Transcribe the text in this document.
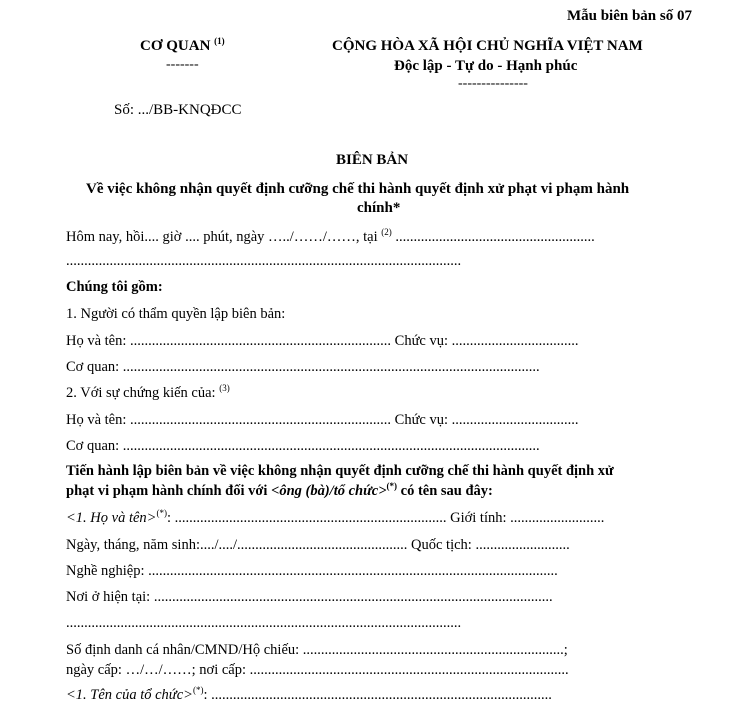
Mẫu biên bản số 07
CƠ QUAN $^{(1)}$
-------
CỘNG HÒA XÃ HỘI CHỦ NGHĨA VIỆT NAM
Độc lập - Tự do - Hạnh phúc
---------------
Số: .../BB-KNQĐCC
BIÊN BẢN
Về việc không nhận quyết định cưỡng chế thi hành quyết định xử phạt vi phạm hành
chính*
Hôm nay, hồi.... giờ .... phút, ngày …../……/……, tại $^{(2)}$ .......................................................
.............................................................................................................
Chúng tôi gồm:
1. Người có thẩm quyền lập biên bản:
Họ và tên: ........................................................................ Chức vụ: ...................................
Cơ quan: ...................................................................................................................
2. Với sự chứng kiến của: $^{(3)}$
Họ và tên: ........................................................................ Chức vụ: ...................................
Cơ quan: ...................................................................................................................
Tiến hành lập biên bản về việc không nhận quyết định cưỡng chế thi hành quyết định xử
phạt vi phạm hành chính đối với <ông (bà)/tổ chức>(*) có tên sau đây:
<1. Họ và tên>(*): ........................................................................... Giới tính: ..........................
Ngày, tháng, năm sinh:..../..../............................................... Quốc tịch: ..........................
Nghề nghiệp: .................................................................................................................
Nơi ở hiện tại: ..............................................................................................................
.............................................................................................................
Số định danh cá nhân/CMND/Hộ chiếu: ........................................................................;
ngày cấp: …/…/……; nơi cấp: ........................................................................................
<1. Tên của tổ chức>(*): ..............................................................................................
